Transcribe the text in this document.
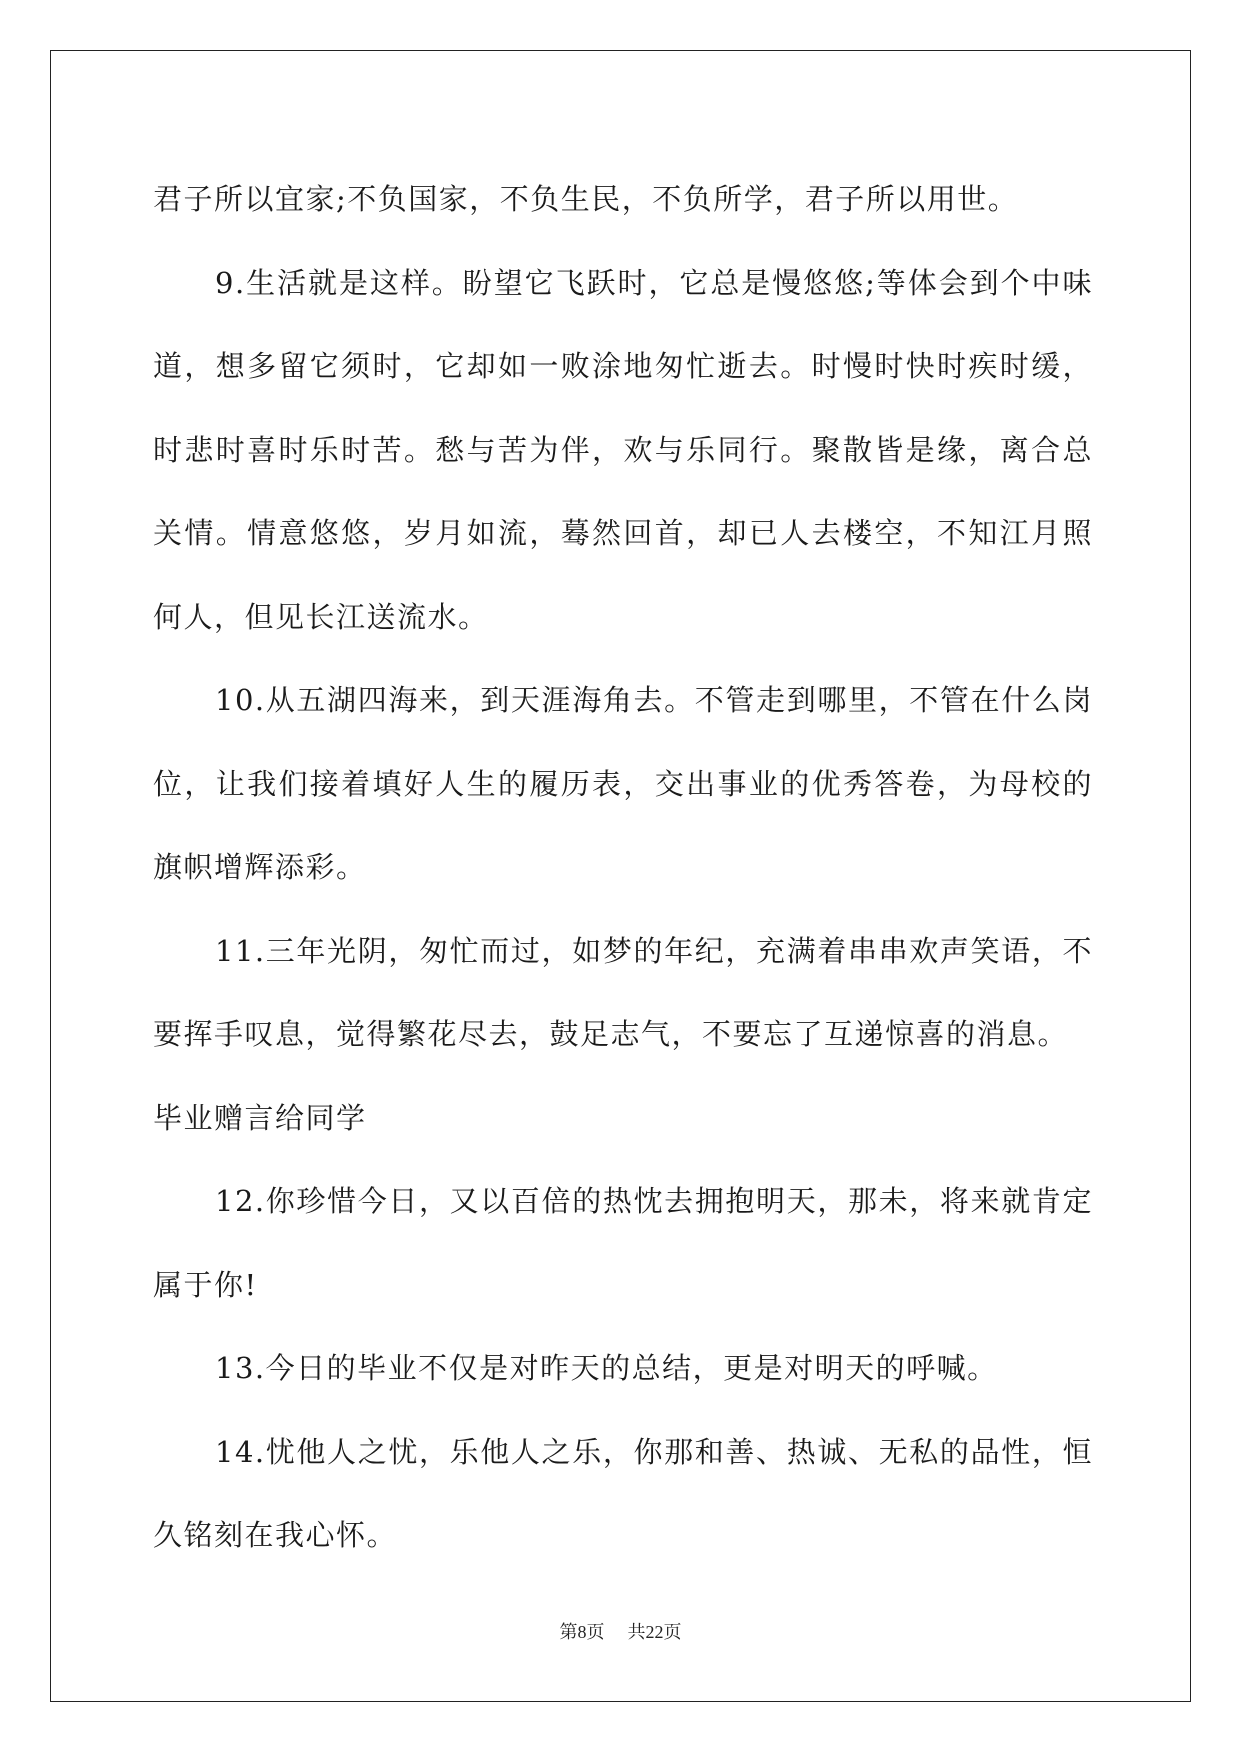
君子所以宜家;不负国家，不负生民，不负所学，君子所以用世。

9.生活就是这样。盼望它飞跃时，它总是慢悠悠;等体会到个中味道，想多留它须时，它却如一败涂地匆忙逝去。时慢时快时疾时缓，时悲时喜时乐时苦。愁与苦为伴，欢与乐同行。聚散皆是缘，离合总关情。情意悠悠，岁月如流，蓦然回首，却已人去楼空，不知江月照何人，但见长江送流水。

10.从五湖四海来，到天涯海角去。不管走到哪里，不管在什么岗位，让我们接着填好人生的履历表，交出事业的优秀答卷，为母校的旗帜增辉添彩。

11.三年光阴，匆忙而过，如梦的年纪，充满着串串欢声笑语，不要挥手叹息，觉得繁花尽去，鼓足志气，不要忘了互递惊喜的消息。

毕业赠言给同学

12.你珍惜今日，又以百倍的热忱去拥抱明天，那未，将来就肯定属于你!

13.今日的毕业不仅是对昨天的总结，更是对明天的呼喊。

14.忧他人之忧，乐他人之乐，你那和善、热诚、无私的品性，恒久铭刻在我心怀。

第8页 共22页
